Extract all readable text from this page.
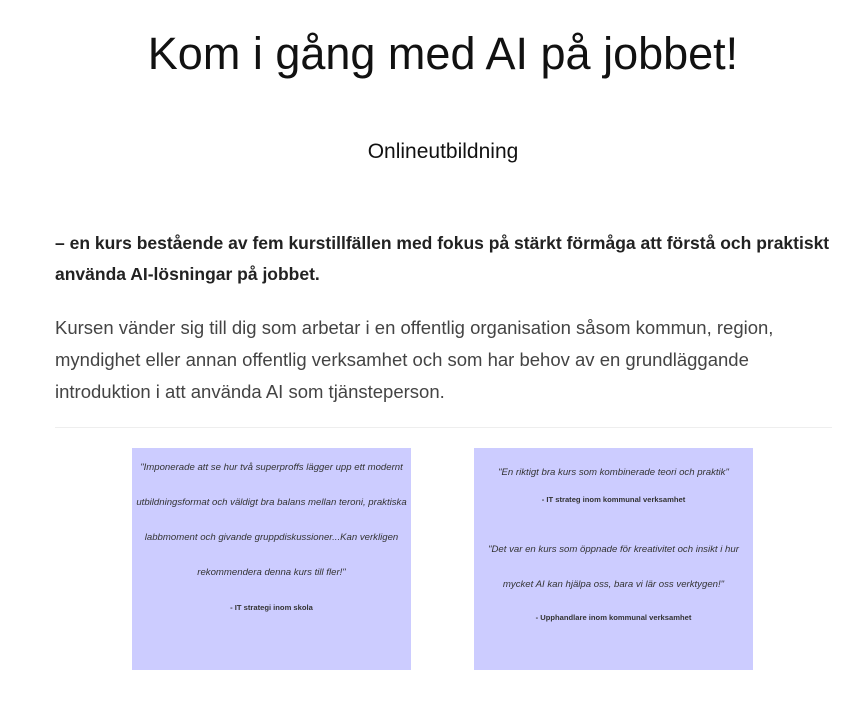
Kom i gång med AI på jobbet!
Onlineutbildning

– en kurs bestående av fem kurstillfällen med fokus på stärkt förmåga att förstå och praktiskt använda AI-lösningar på jobbet.

Kursen vänder sig till dig som arbetar i en offentlig organisation såsom kommun, region, myndighet eller annan offentlig verksamhet och som har behov av en grundläggande introduktion i att använda AI som tjänsteperson.

"Imponerade att se hur två superproffs lägger upp ett modernt utbildningsformat och väldigt bra balans mellan teroni, praktiska labbmoment och givande gruppdiskussioner...Kan verkligen rekommendera denna kurs till fler!"

- IT strategi inom skola

"En riktigt bra kurs som kombinerade teori och praktik"

- IT strateg inom kommunal verksamhet

"Det var en kurs som öppnade för kreativitet och insikt i hur mycket AI kan hjälpa oss, bara vi lär oss verktygen!"

- Upphandlare inom kommunal verksamhet
